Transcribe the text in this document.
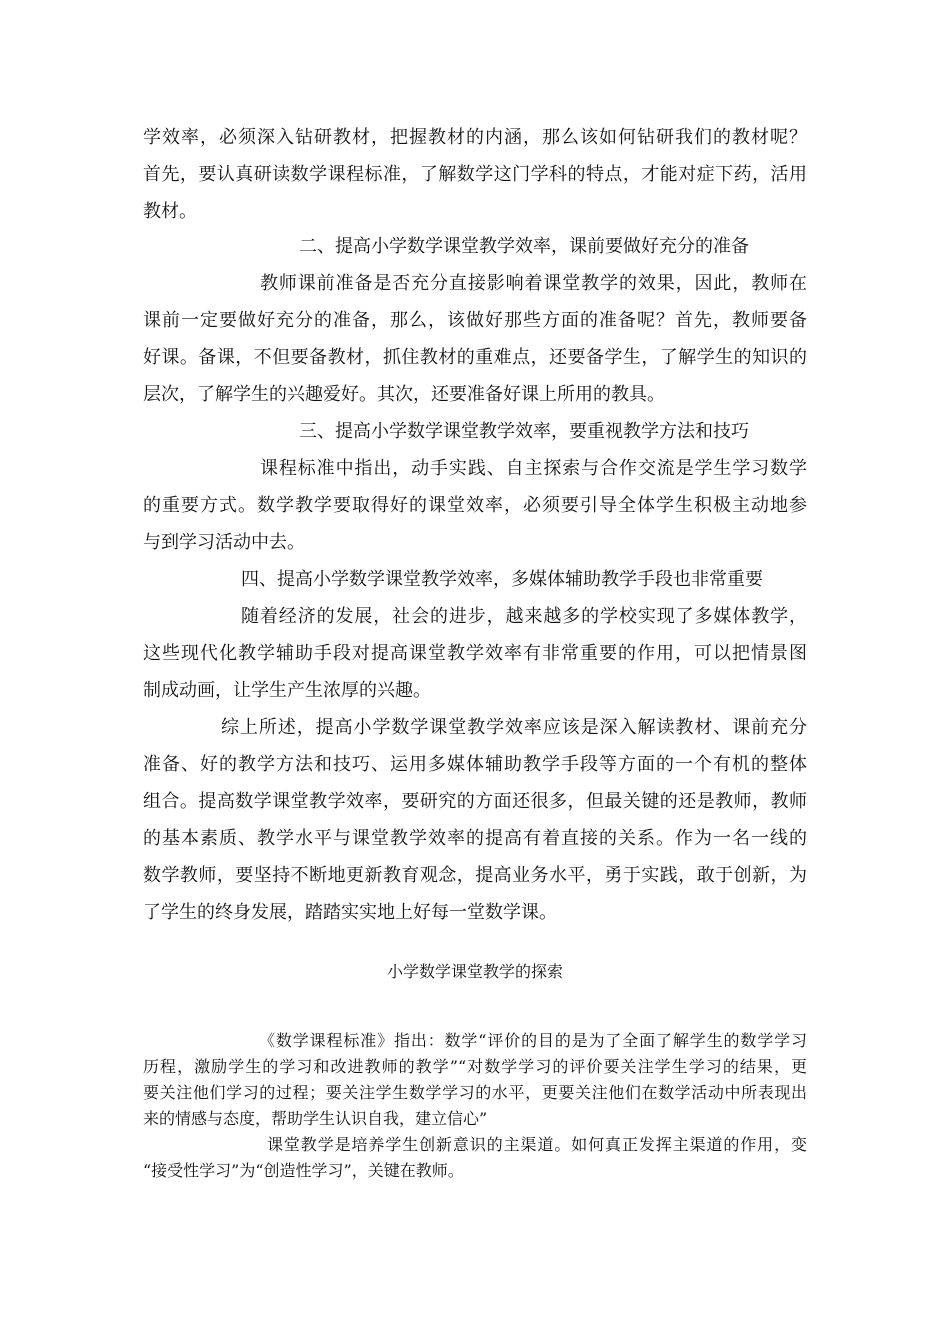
学效率，必须深入钻研教材，把握教材的内涵，那么该如何钻研我们的教材呢？
首先，要认真研读数学课程标准，了解数学这门学科的特点，才能对症下药，活用
教材。
二、提高小学数学课堂教学效率，课前要做好充分的准备
教师课前准备是否充分直接影响着课堂教学的效果，因此，教师在
课前一定要做好充分的准备，那么，该做好那些方面的准备呢？首先，教师要备
好课。备课，不但要备教材，抓住教材的重难点，还要备学生，了解学生的知识的
层次，了解学生的兴趣爱好。其次，还要准备好课上所用的教具。
三、提高小学数学课堂教学效率，要重视教学方法和技巧
课程标准中指出，动手实践、自主探索与合作交流是学生学习数学
的重要方式。数学教学要取得好的课堂效率，必须要引导全体学生积极主动地参
与到学习活动中去。
四、提高小学数学课堂教学效率，多媒体辅助教学手段也非常重要
随着经济的发展，社会的进步，越来越多的学校实现了多媒体教学，
这些现代化教学辅助手段对提高课堂教学效率有非常重要的作用，可以把情景图
制成动画，让学生产生浓厚的兴趣。
综上所述，提高小学数学课堂教学效率应该是深入解读教材、课前充分
准备、好的教学方法和技巧、运用多媒体辅助教学手段等方面的一个有机的整体
组合。提高数学课堂教学效率，要研究的方面还很多，但最关键的还是教师，教师
的基本素质、教学水平与课堂教学效率的提高有着直接的关系。作为一名一线的
数学教师，要坚持不断地更新教育观念，提高业务水平，勇于实践，敢于创新，为
了学生的终身发展，踏踏实实地上好每一堂数学课。
小学数学课堂教学的探索
《数学课程标准》指出：数学“评价的目的是为了全面了解学生的数学学习
历程，激励学生的学习和改进教师的教学”“对数学学习的评价要关注学生学习的结果，更
要关注他们学习的过程；要关注学生数学学习的水平，更要关注他们在数学活动中所表现出
来的情感与态度，帮助学生认识自我，建立信心”
课堂教学是培养学生创新意识的主渠道。如何真正发挥主渠道的作用，变
“接受性学习”为“创造性学习”，关键在教师。
